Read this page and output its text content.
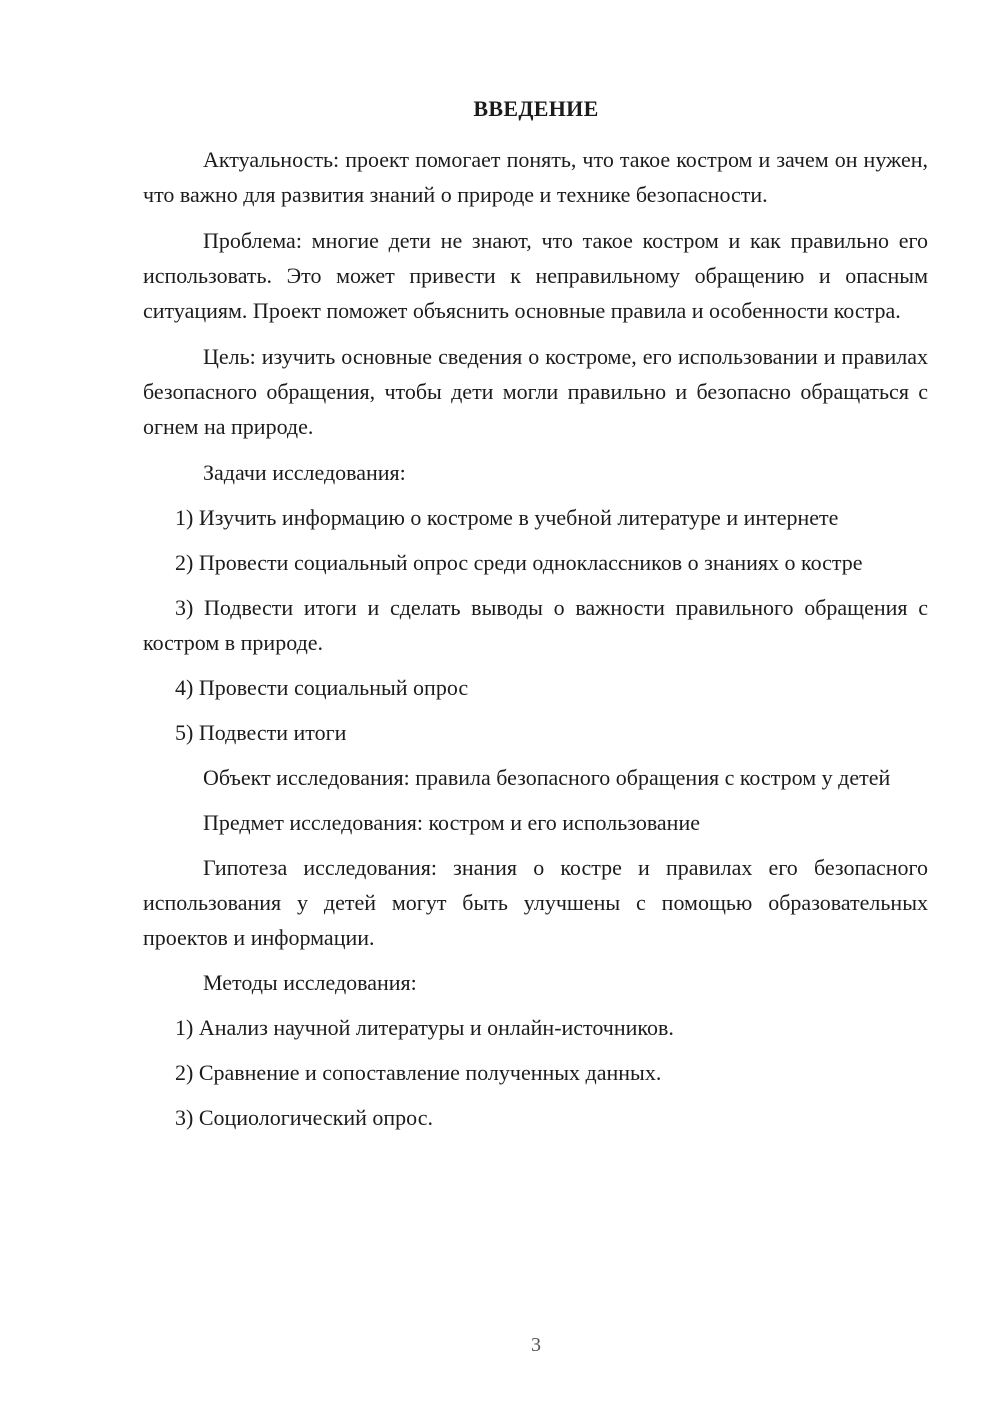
ВВЕДЕНИЕ

Актуальность: проект помогает понять, что такое костром и зачем он нужен, что важно для развития знаний о природе и технике безопасности.

Проблема: многие дети не знают, что такое костром и как правильно его использовать. Это может привести к неправильному обращению и опасным ситуациям. Проект поможет объяснить основные правила и особенности костра.

Цель: изучить основные сведения о костроме, его использовании и правилах безопасного обращения, чтобы дети могли правильно и безопасно обращаться с огнем на природе.

Задачи исследования:

1) Изучить информацию о костроме в учебной литературе и интернете

2) Провести социальный опрос среди одноклассников о знаниях о костре

3) Подвести итоги и сделать выводы о важности правильного обращения с костром в природе.

4) Провести социальный опрос

5) Подвести итоги

Объект исследования: правила безопасного обращения с костром у детей

Предмет исследования: костром и его использование

Гипотеза исследования: знания о костре и правилах его безопасного использования у детей могут быть улучшены с помощью образовательных проектов и информации.

Методы исследования:

1) Анализ научной литературы и онлайн-источников.

2) Сравнение и сопоставление полученных данных.

3) Социологический опрос.

3
